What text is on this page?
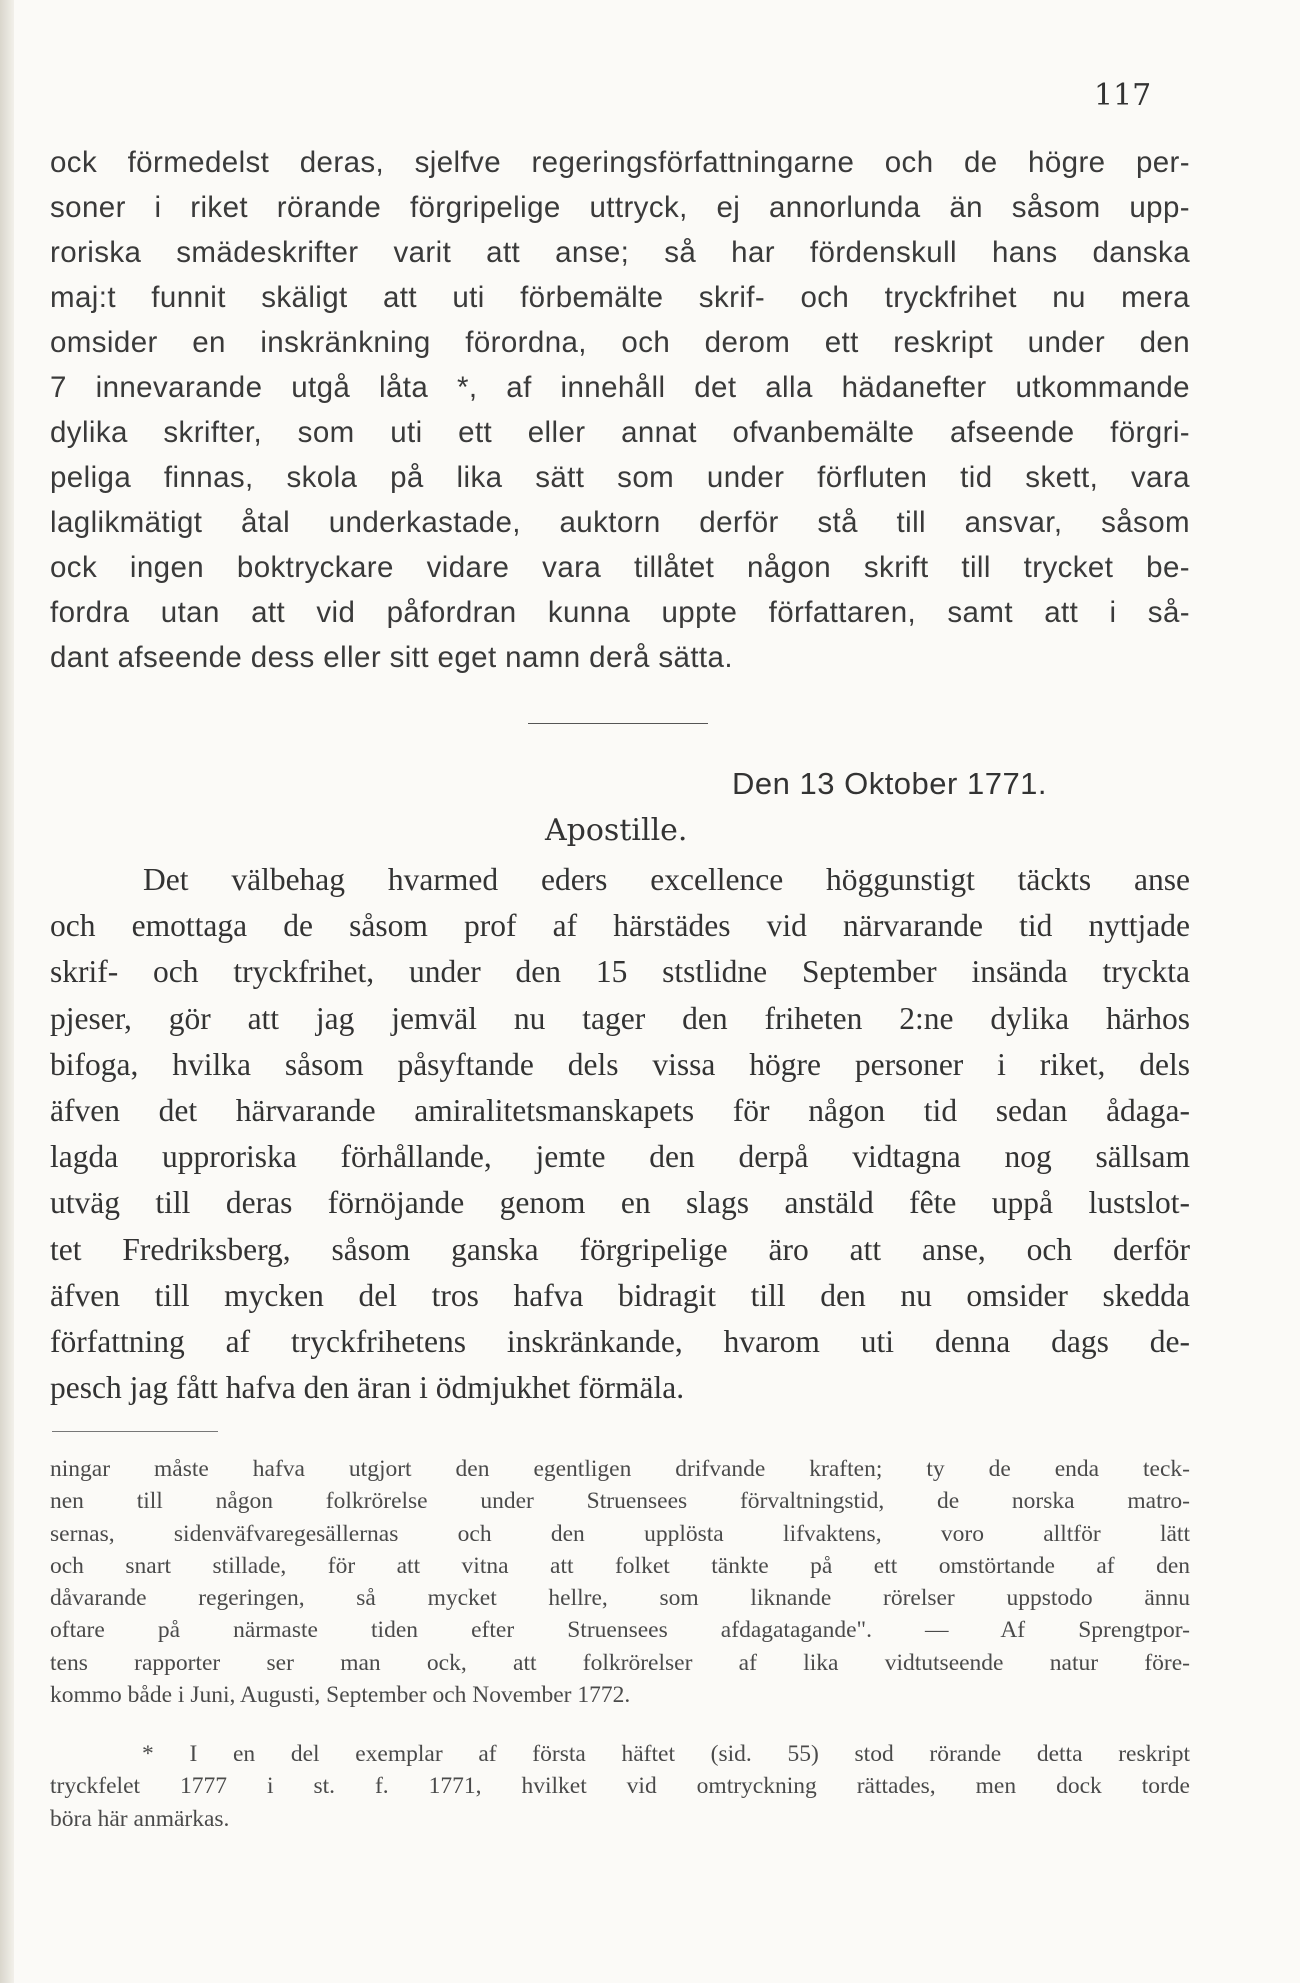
117
ock förmedelst deras, sjelfve regeringsförfattningarne och de högre per-
soner i riket rörande förgripelige uttryck, ej annorlunda än såsom upp-
roriska smädeskrifter varit att anse; så har fördenskull hans danska
maj:t funnit skäligt att uti förbemälte skrif- och tryckfrihet nu mera
omsider en inskränkning förordna, och derom ett reskript under den
7 innevarande utgå låta *, af innehåll det alla hädanefter utkommande
dylika skrifter, som uti ett eller annat ofvanbemälte afseende förgri-
peliga finnas, skola på lika sätt som under förfluten tid skett, vara
laglikmätigt åtal underkastade, auktorn derför stå till ansvar, såsom
ock ingen boktryckare vidare vara tillåtet någon skrift till trycket be-
fordra utan att vid påfordran kunna uppte författaren, samt att i så-
dant afseende dess eller sitt eget namn derå sätta.
Den 13 Oktober 1771.
Apostille.
Det välbehag hvarmed eders excellence höggunstigt täckts anse
och emottaga de såsom prof af härstädes vid närvarande tid nyttjade
skrif- och tryckfrihet, under den 15 ststlidne September insända tryckta
pjeser, gör att jag jemväl nu tager den friheten 2:ne dylika härhos
bifoga, hvilka såsom påsyftande dels vissa högre personer i riket, dels
äfven det härvarande amiralitetsmanskapets för någon tid sedan ådaga-
lagda upproriska förhållande, jemte den derpå vidtagna nog sällsam
utväg till deras förnöjande genom en slags anstäld fête uppå lustslot-
tet Fredriksberg, såsom ganska förgripelige äro att anse, och derför
äfven till mycken del tros hafva bidragit till den nu omsider skedda
författning af tryckfrihetens inskränkande, hvarom uti denna dags de-
pesch jag fått hafva den äran i ödmjukhet förmäla.
ningar måste hafva utgjort den egentligen drifvande kraften; ty de enda teck-
nen till någon folkrörelse under Struensees förvaltningstid, de norska matro-
sernas, sidenväfvaregesällernas och den upplösta lifvaktens, voro alltför lätt
och snart stillade, för att vitna att folket tänkte på ett omstörtande af den
dåvarande regeringen, så mycket hellre, som liknande rörelser uppstodo ännu
oftare på närmaste tiden efter Struensees afdagatagande". — Af Sprengtpor-
tens rapporter ser man ock, att folkrörelser af lika vidtutseende natur före-
kommo både i Juni, Augusti, September och November 1772.
* I en del exemplar af första häftet (sid. 55) stod rörande detta reskript
tryckfelet 1777 i st. f. 1771, hvilket vid omtryckning rättades, men dock torde
böra här anmärkas.
